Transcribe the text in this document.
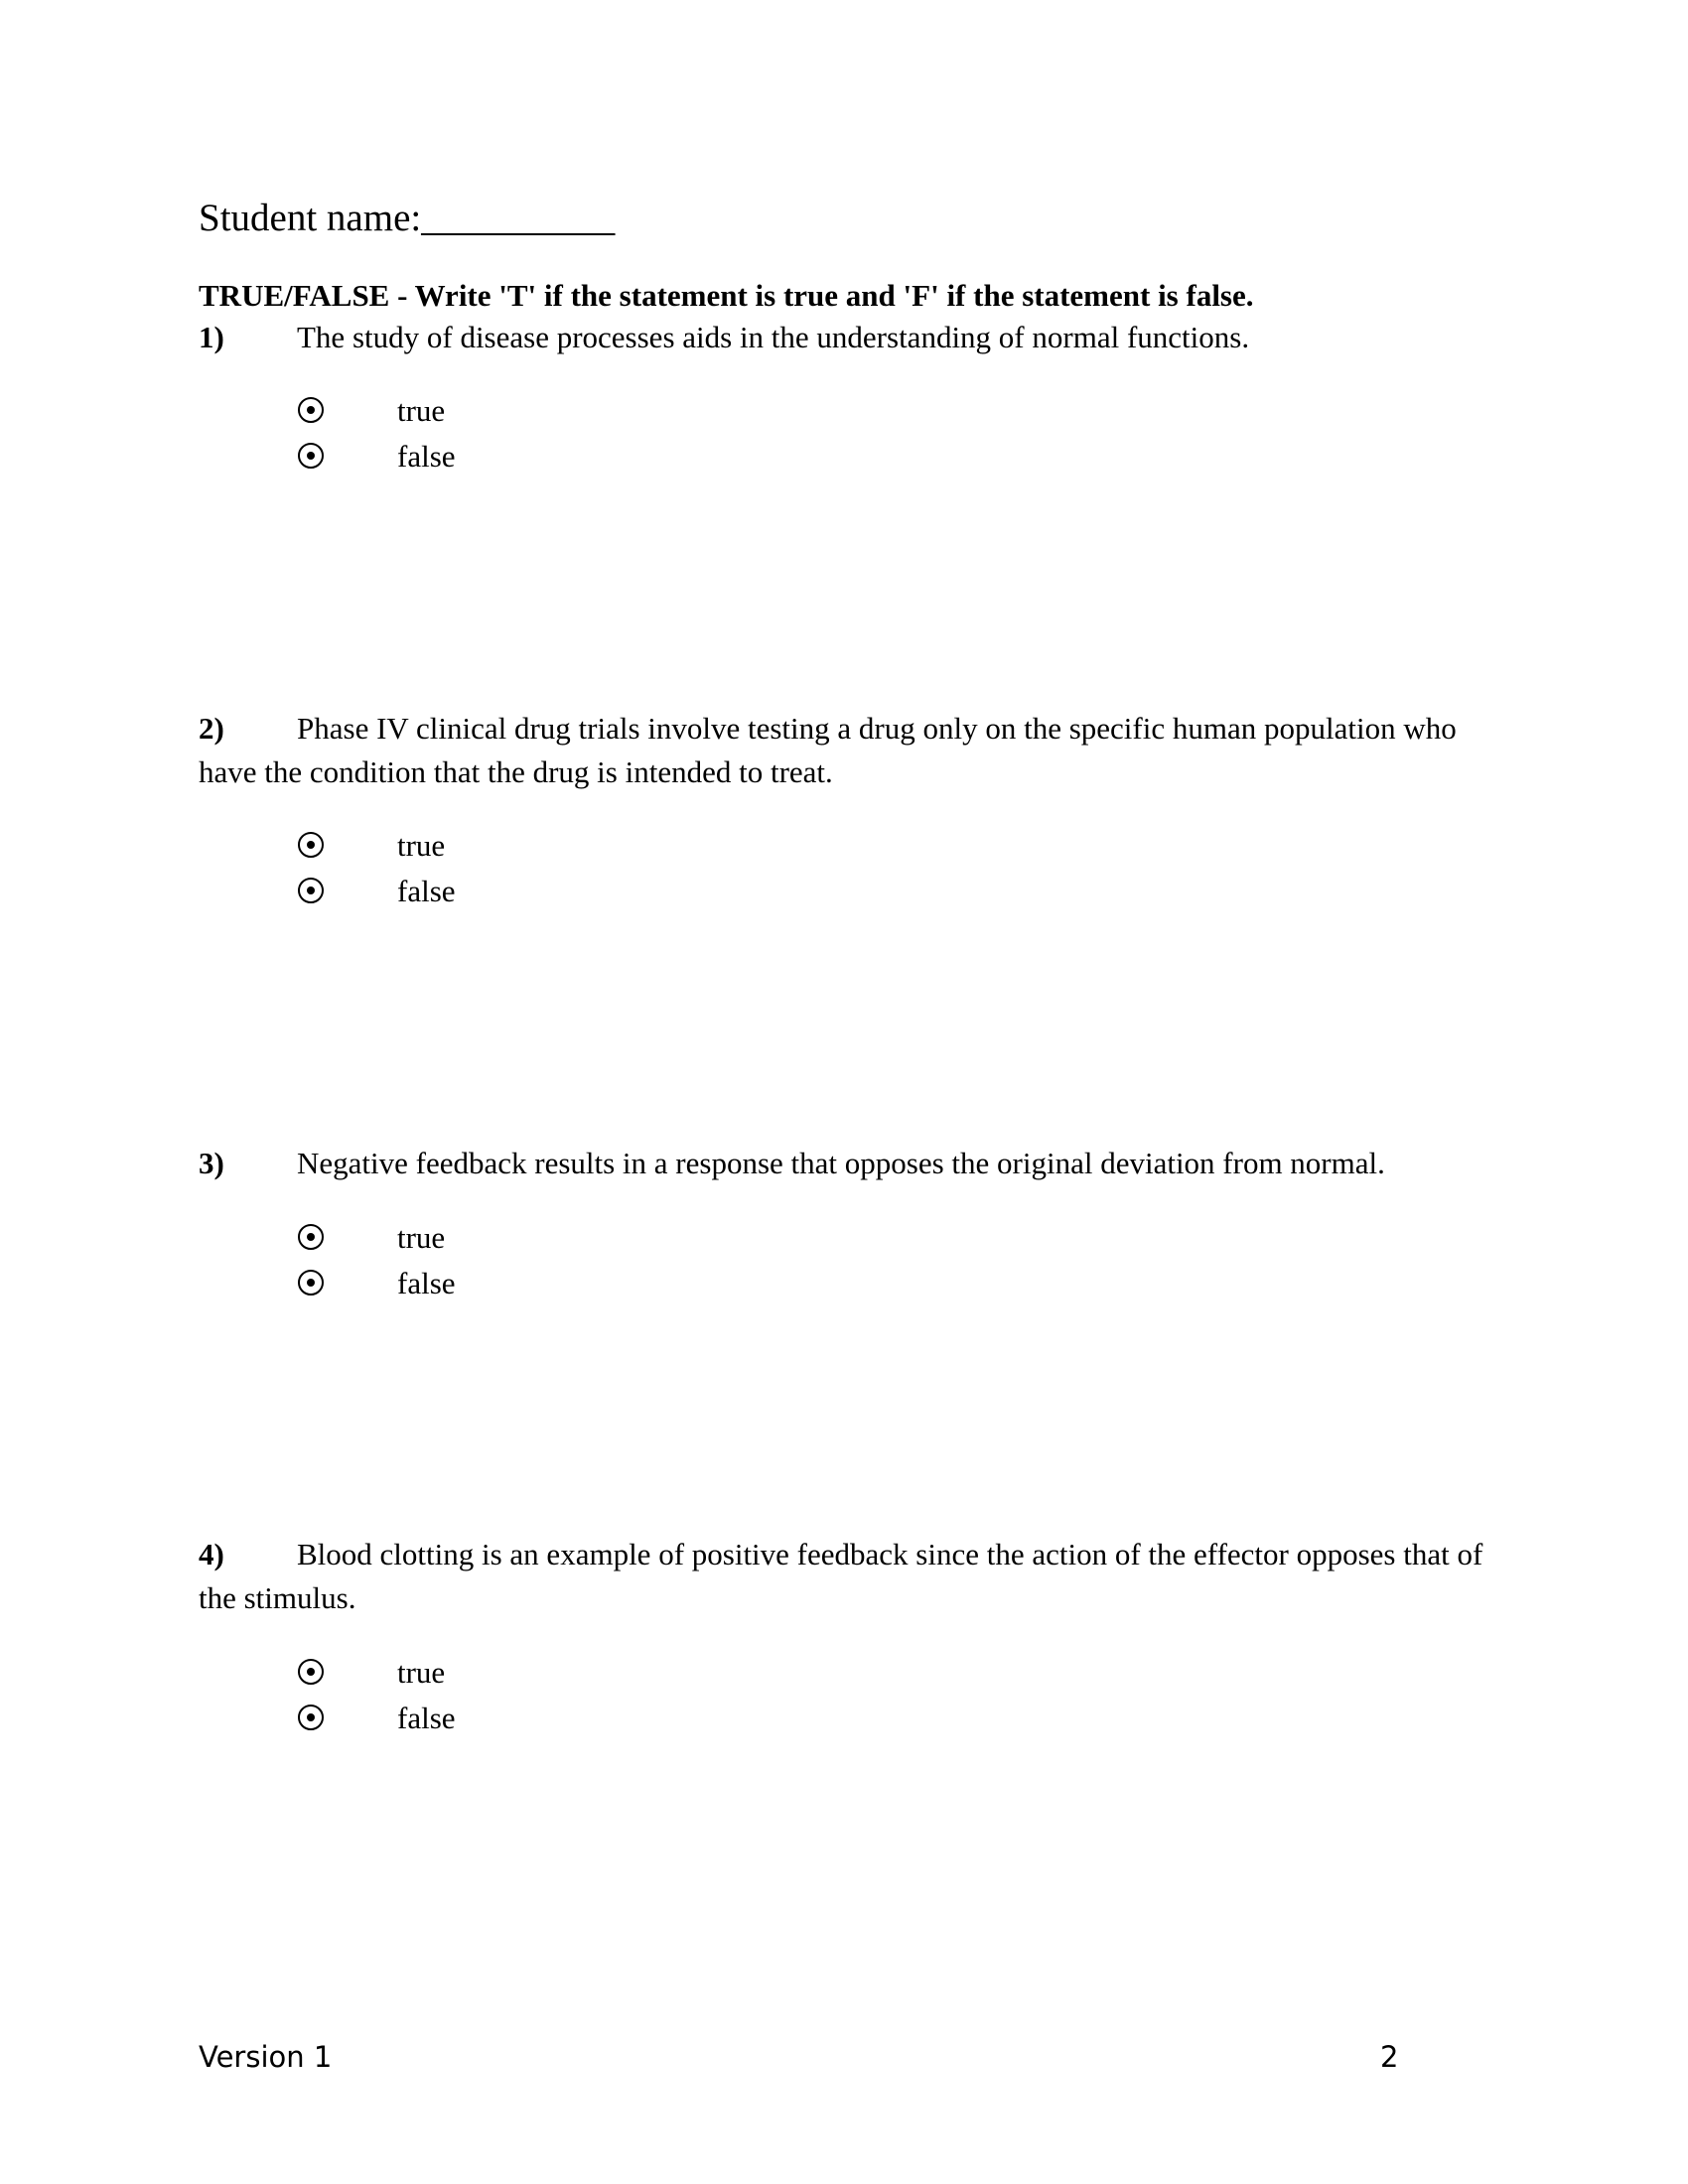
Student name:__________
TRUE/FALSE - Write 'T' if the statement is true and 'F' if the statement is false.
1) The study of disease processes aids in the understanding of normal functions.
true
false
2) Phase IV clinical drug trials involve testing a drug only on the specific human population who have the condition that the drug is intended to treat.
true
false
3) Negative feedback results in a response that opposes the original deviation from normal.
true
false
4) Blood clotting is an example of positive feedback since the action of the effector opposes that of the stimulus.
true
false
Version 1	2
